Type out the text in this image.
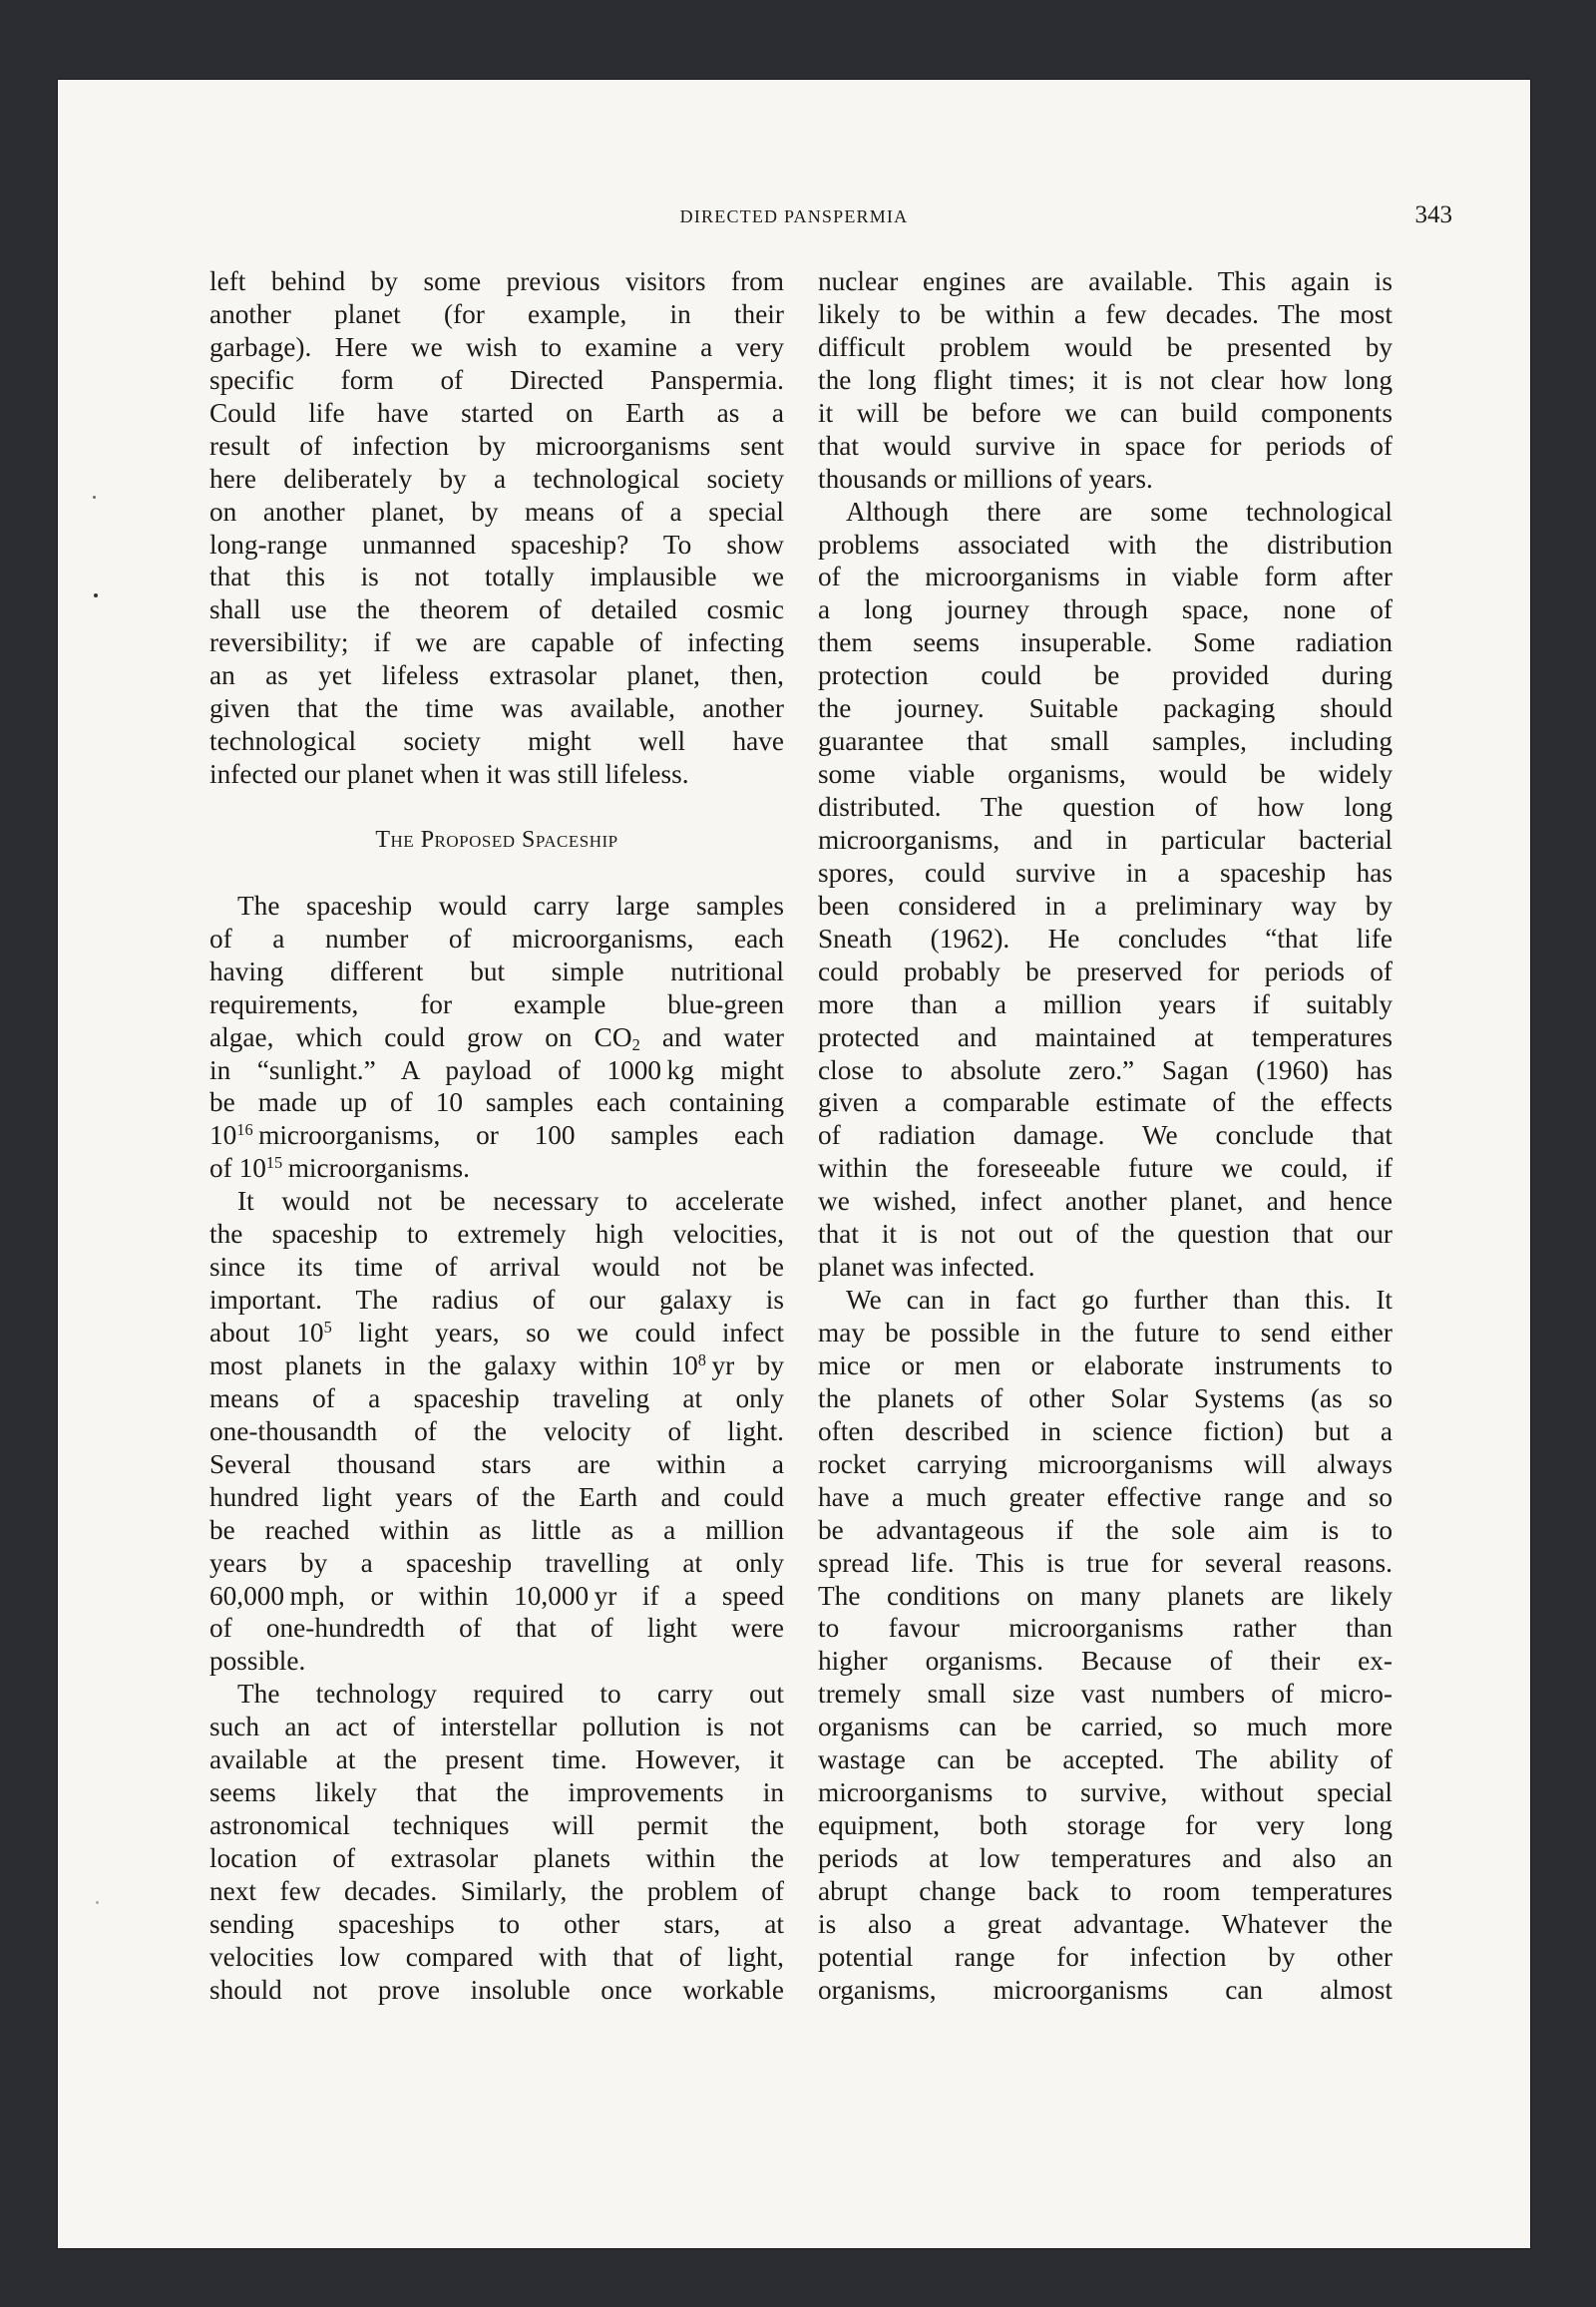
DIRECTED PANSPERMIA	343
left behind by some previous visitors from
another planet (for example, in their
garbage). Here we wish to examine a very
specific form of Directed Panspermia.
Could life have started on Earth as a
result of infection by microorganisms sent
here deliberately by a technological society
on another planet, by means of a special
long-range unmanned spaceship? To show
that this is not totally implausible we
shall use the theorem of detailed cosmic
reversibility; if we are capable of infecting
an as yet lifeless extrasolar planet, then,
given that the time was available, another
technological society might well have
infected our planet when it was still lifeless.
The Proposed Spaceship
The spaceship would carry large samples
of a number of microorganisms, each
having different but simple nutritional
requirements, for example blue-green
algae, which could grow on $CO_2$ and water
in “sunlight.” A payload of 1000 kg might
be made up of 10 samples each containing
$10^{16}$ microorganisms, or 100 samples each
of $10^{15}$ microorganisms.
It would not be necessary to accelerate
the spaceship to extremely high velocities,
since its time of arrival would not be
important. The radius of our galaxy is
about $10^5$ light years, so we could infect
most planets in the galaxy within $10^8$ yr by
means of a spaceship traveling at only
one-thousandth of the velocity of light.
Several thousand stars are within a
hundred light years of the Earth and could
be reached within as little as a million
years by a spaceship travelling at only
60,000 mph, or within 10,000 yr if a speed
of one-hundredth of that of light were
possible.
The technology required to carry out
such an act of interstellar pollution is not
available at the present time. However, it
seems likely that the improvements in
astronomical techniques will permit the
location of extrasolar planets within the
next few decades. Similarly, the problem of
sending spaceships to other stars, at
velocities low compared with that of light,
should not prove insoluble once workable
nuclear engines are available. This again is
likely to be within a few decades. The most
difficult problem would be presented by
the long flight times; it is not clear how long
it will be before we can build components
that would survive in space for periods of
thousands or millions of years.
Although there are some technological
problems associated with the distribution
of the microorganisms in viable form after
a long journey through space, none of
them seems insuperable. Some radiation
protection could be provided during
the journey. Suitable packaging should
guarantee that small samples, including
some viable organisms, would be widely
distributed. The question of how long
microorganisms, and in particular bacterial
spores, could survive in a spaceship has
been considered in a preliminary way by
Sneath (1962). He concludes “that life
could probably be preserved for periods of
more than a million years if suitably
protected and maintained at temperatures
close to absolute zero.” Sagan (1960) has
given a comparable estimate of the effects
of radiation damage. We conclude that
within the foreseeable future we could, if
we wished, infect another planet, and hence
that it is not out of the question that our
planet was infected.
We can in fact go further than this. It
may be possible in the future to send either
mice or men or elaborate instruments to
the planets of other Solar Systems (as so
often described in science fiction) but a
rocket carrying microorganisms will always
have a much greater effective range and so
be advantageous if the sole aim is to
spread life. This is true for several reasons.
The conditions on many planets are likely
to favour microorganisms rather than
higher organisms. Because of their ex-
tremely small size vast numbers of micro-
organisms can be carried, so much more
wastage can be accepted. The ability of
microorganisms to survive, without special
equipment, both storage for very long
periods at low temperatures and also an
abrupt change back to room temperatures
is also a great advantage. Whatever the
potential range for infection by other
organisms, microorganisms can almost
